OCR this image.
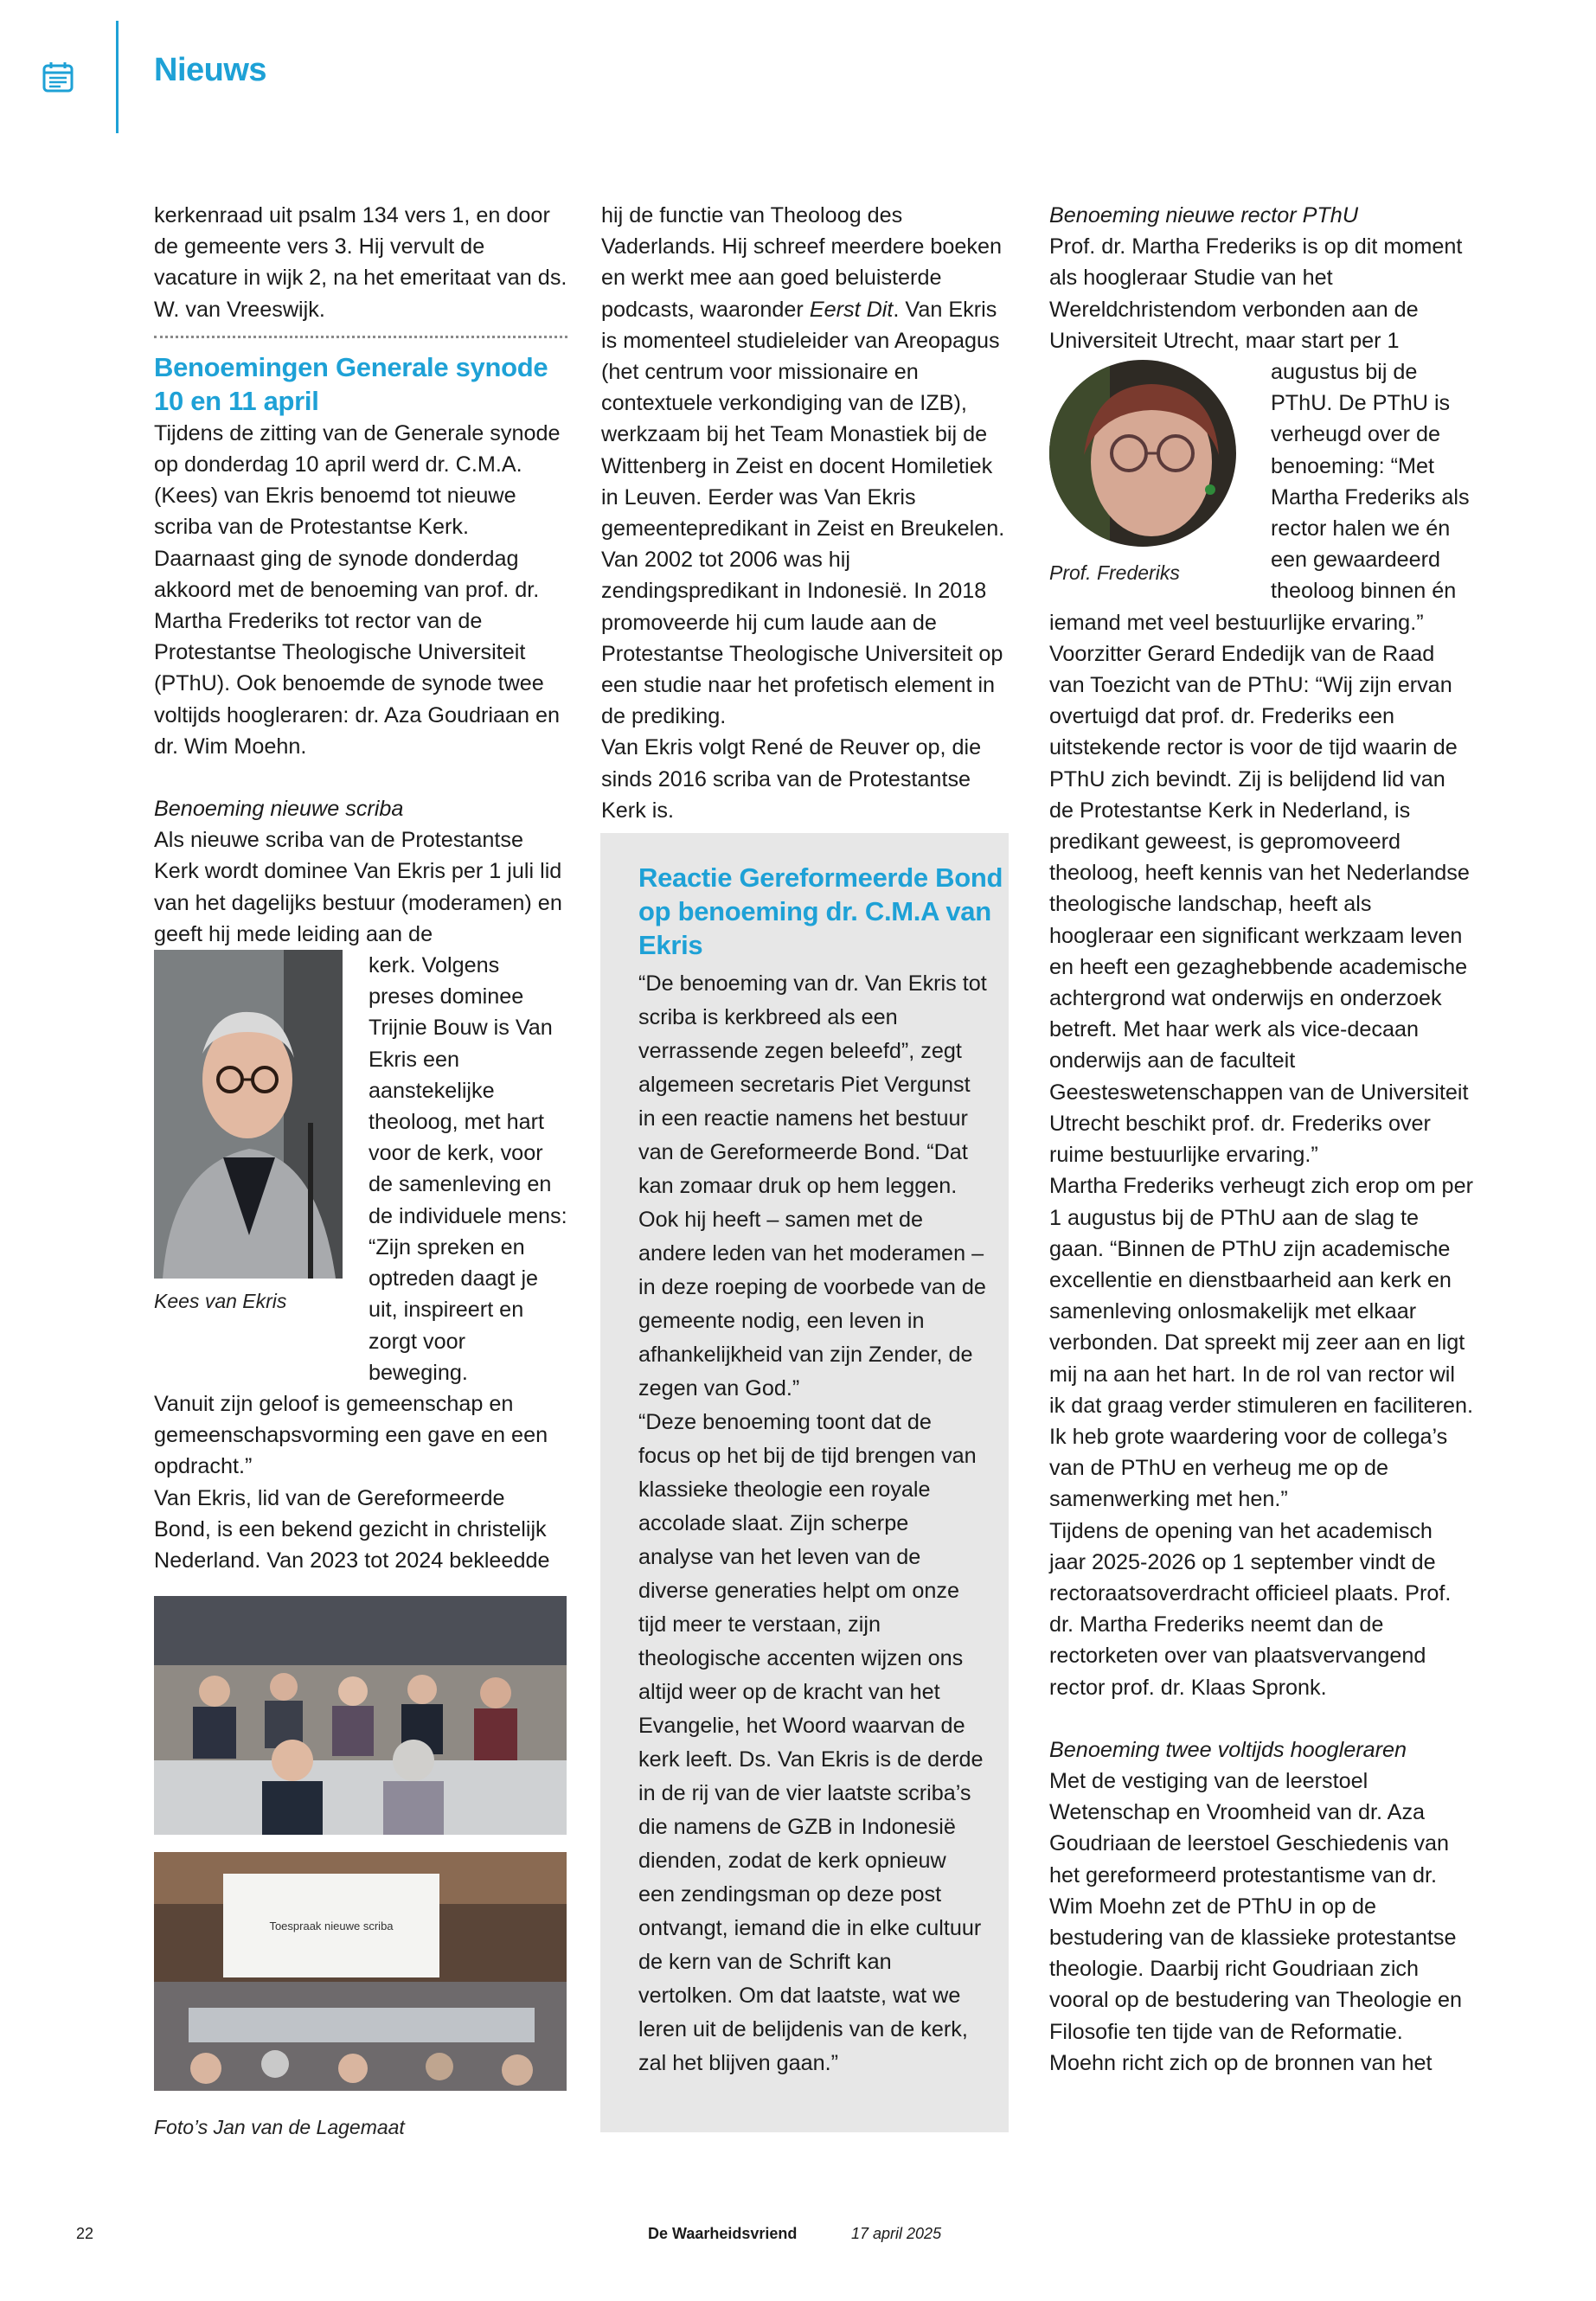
Nieuws

kerkenraad uit psalm 134 vers 1, en door de gemeente vers 3. Hij vervult de vacature in wijk 2, na het emeritaat van ds. W. van Vreeswijk.

Benoemingen Generale synode 10 en 11 april

Tijdens de zitting van de Generale synode op donderdag 10 april werd dr. C.M.A. (Kees) van Ekris benoemd tot nieuwe scriba van de Protestantse Kerk. Daarnaast ging de synode donderdag akkoord met de benoeming van prof. dr. Martha Frederiks tot rector van de Protestantse Theologische Universiteit (PThU). Ook benoemde de synode twee voltijds hoogleraren: dr. Aza Goudriaan en dr. Wim Moehn.

Benoeming nieuwe scriba

Als nieuwe scriba van de Protestantse Kerk wordt dominee Van Ekris per 1 juli lid van het dagelijks bestuur (moderamen) en geeft hij mede leiding aan de

Kees van Ekris

kerk. Volgens preses dominee Trijnie Bouw is Van Ekris een aanstekelijke theoloog, met hart voor de kerk, voor de samenleving en de individuele mens: “Zijn spreken en optreden daagt je uit, inspireert en zorgt voor beweging.

Vanuit zijn geloof is gemeenschap en gemeenschapsvorming een gave en een opdracht.”

Van Ekris, lid van de Gereformeerde Bond, is een bekend gezicht in christelijk Nederland. Van 2023 tot 2024 bekleedde

Toespraak nieuwe scriba
Foto’s Jan van de Lagemaat

hij de functie van Theoloog des Vaderlands. Hij schreef meerdere boeken en werkt mee aan goed beluisterde podcasts, waaronder Eerst Dit. Van Ekris is momenteel studieleider van Areopagus (het centrum voor missionaire en contextuele verkondiging van de IZB), werkzaam bij het Team Monastiek bij de Wittenberg in Zeist en docent Homiletiek in Leuven. Eerder was Van Ekris gemeentepredikant in Zeist en Breukelen. Van 2002 tot 2006 was hij zendingspredikant in Indonesië. In 2018 promoveerde hij cum laude aan de Protestantse Theologische Universiteit op een studie naar het profetisch element in de prediking.

Van Ekris volgt René de Reuver op, die sinds 2016 scriba van de Protestantse Kerk is.

Reactie Gereformeerde Bond op benoeming dr. C.M.A van Ekris

“De benoeming van dr. Van Ekris tot scriba is kerkbreed als een verrassende zegen beleefd”, zegt algemeen secretaris Piet Vergunst in een reactie namens het bestuur van de Gereformeerde Bond. “Dat kan zomaar druk op hem leggen. Ook hij heeft – samen met de andere leden van het moderamen – in deze roeping de voorbede van de gemeente nodig, een leven in afhankelijkheid van zijn Zender, de zegen van God.”

“Deze benoeming toont dat de focus op het bij de tijd brengen van klassieke theologie een royale accolade slaat. Zijn scherpe analyse van het leven van de diverse generaties helpt om onze tijd meer te verstaan, zijn theologische accenten wijzen ons altijd weer op de kracht van het Evangelie, het Woord waarvan de kerk leeft. Ds. Van Ekris is de derde in de rij van de vier laatste scriba’s die namens de GZB in Indonesië dienden, zodat de kerk opnieuw een zendingsman op deze post ontvangt, iemand die in elke cultuur de kern van de Schrift kan vertolken. Om dat laatste, wat we leren uit de belijdenis van de kerk, zal het blijven gaan.”

Benoeming nieuwe rector PThU

Prof. dr. Martha Frederiks is op dit moment als hoogleraar Studie van het Wereldchristendom verbonden aan de Universiteit Utrecht, maar start per 1

Prof. Frederiks

augustus bij de PThU. De PThU is verheugd over de benoeming: “Met Martha Frederiks als rector halen we én een gewaardeerd theoloog binnen én

iemand met veel bestuurlijke ervaring.” Voorzitter Gerard Endedijk van de Raad van Toezicht van de PThU: “Wij zijn ervan overtuigd dat prof. dr. Frederiks een uitstekende rector is voor de tijd waarin de PThU zich bevindt. Zij is belijdend lid van de Protestantse Kerk in Nederland, is predikant geweest, is gepromoveerd theoloog, heeft kennis van het Nederlandse theologische landschap, heeft als hoogleraar een significant werkzaam leven en heeft een gezaghebbende academische achtergrond wat onderwijs en onderzoek betreft. Met haar werk als vice-decaan onderwijs aan de faculteit Geesteswetenschappen van de Universiteit Utrecht beschikt prof. dr. Frederiks over ruime bestuurlijke ervaring.”

Martha Frederiks verheugt zich erop om per 1 augustus bij de PThU aan de slag te gaan. “Binnen de PThU zijn academische excellentie en dienstbaarheid aan kerk en samenleving onlosmakelijk met elkaar verbonden. Dat spreekt mij zeer aan en ligt mij na aan het hart. In de rol van rector wil ik dat graag verder stimuleren en faciliteren. Ik heb grote waardering voor de collega’s van de PThU en verheug me op de samenwerking met hen.”

Tijdens de opening van het academisch jaar 2025-2026 op 1 september vindt de rectoraatsoverdracht officieel plaats. Prof. dr. Martha Frederiks neemt dan de rectorketen over van plaatsvervangend rector prof. dr. Klaas Spronk.

Benoeming twee voltijds hoogleraren

Met de vestiging van de leerstoel Wetenschap en Vroomheid van dr. Aza Goudriaan de leerstoel Geschiedenis van het gereformeerd protestantisme van dr. Wim Moehn zet de PThU in op de bestudering van de klassieke protestantse theologie. Daarbij richt Goudriaan zich vooral op de bestudering van Theologie en Filosofie ten tijde van de Reformatie. Moehn richt zich op de bronnen van het

22	De Waarheidsvriend	17 april 2025
